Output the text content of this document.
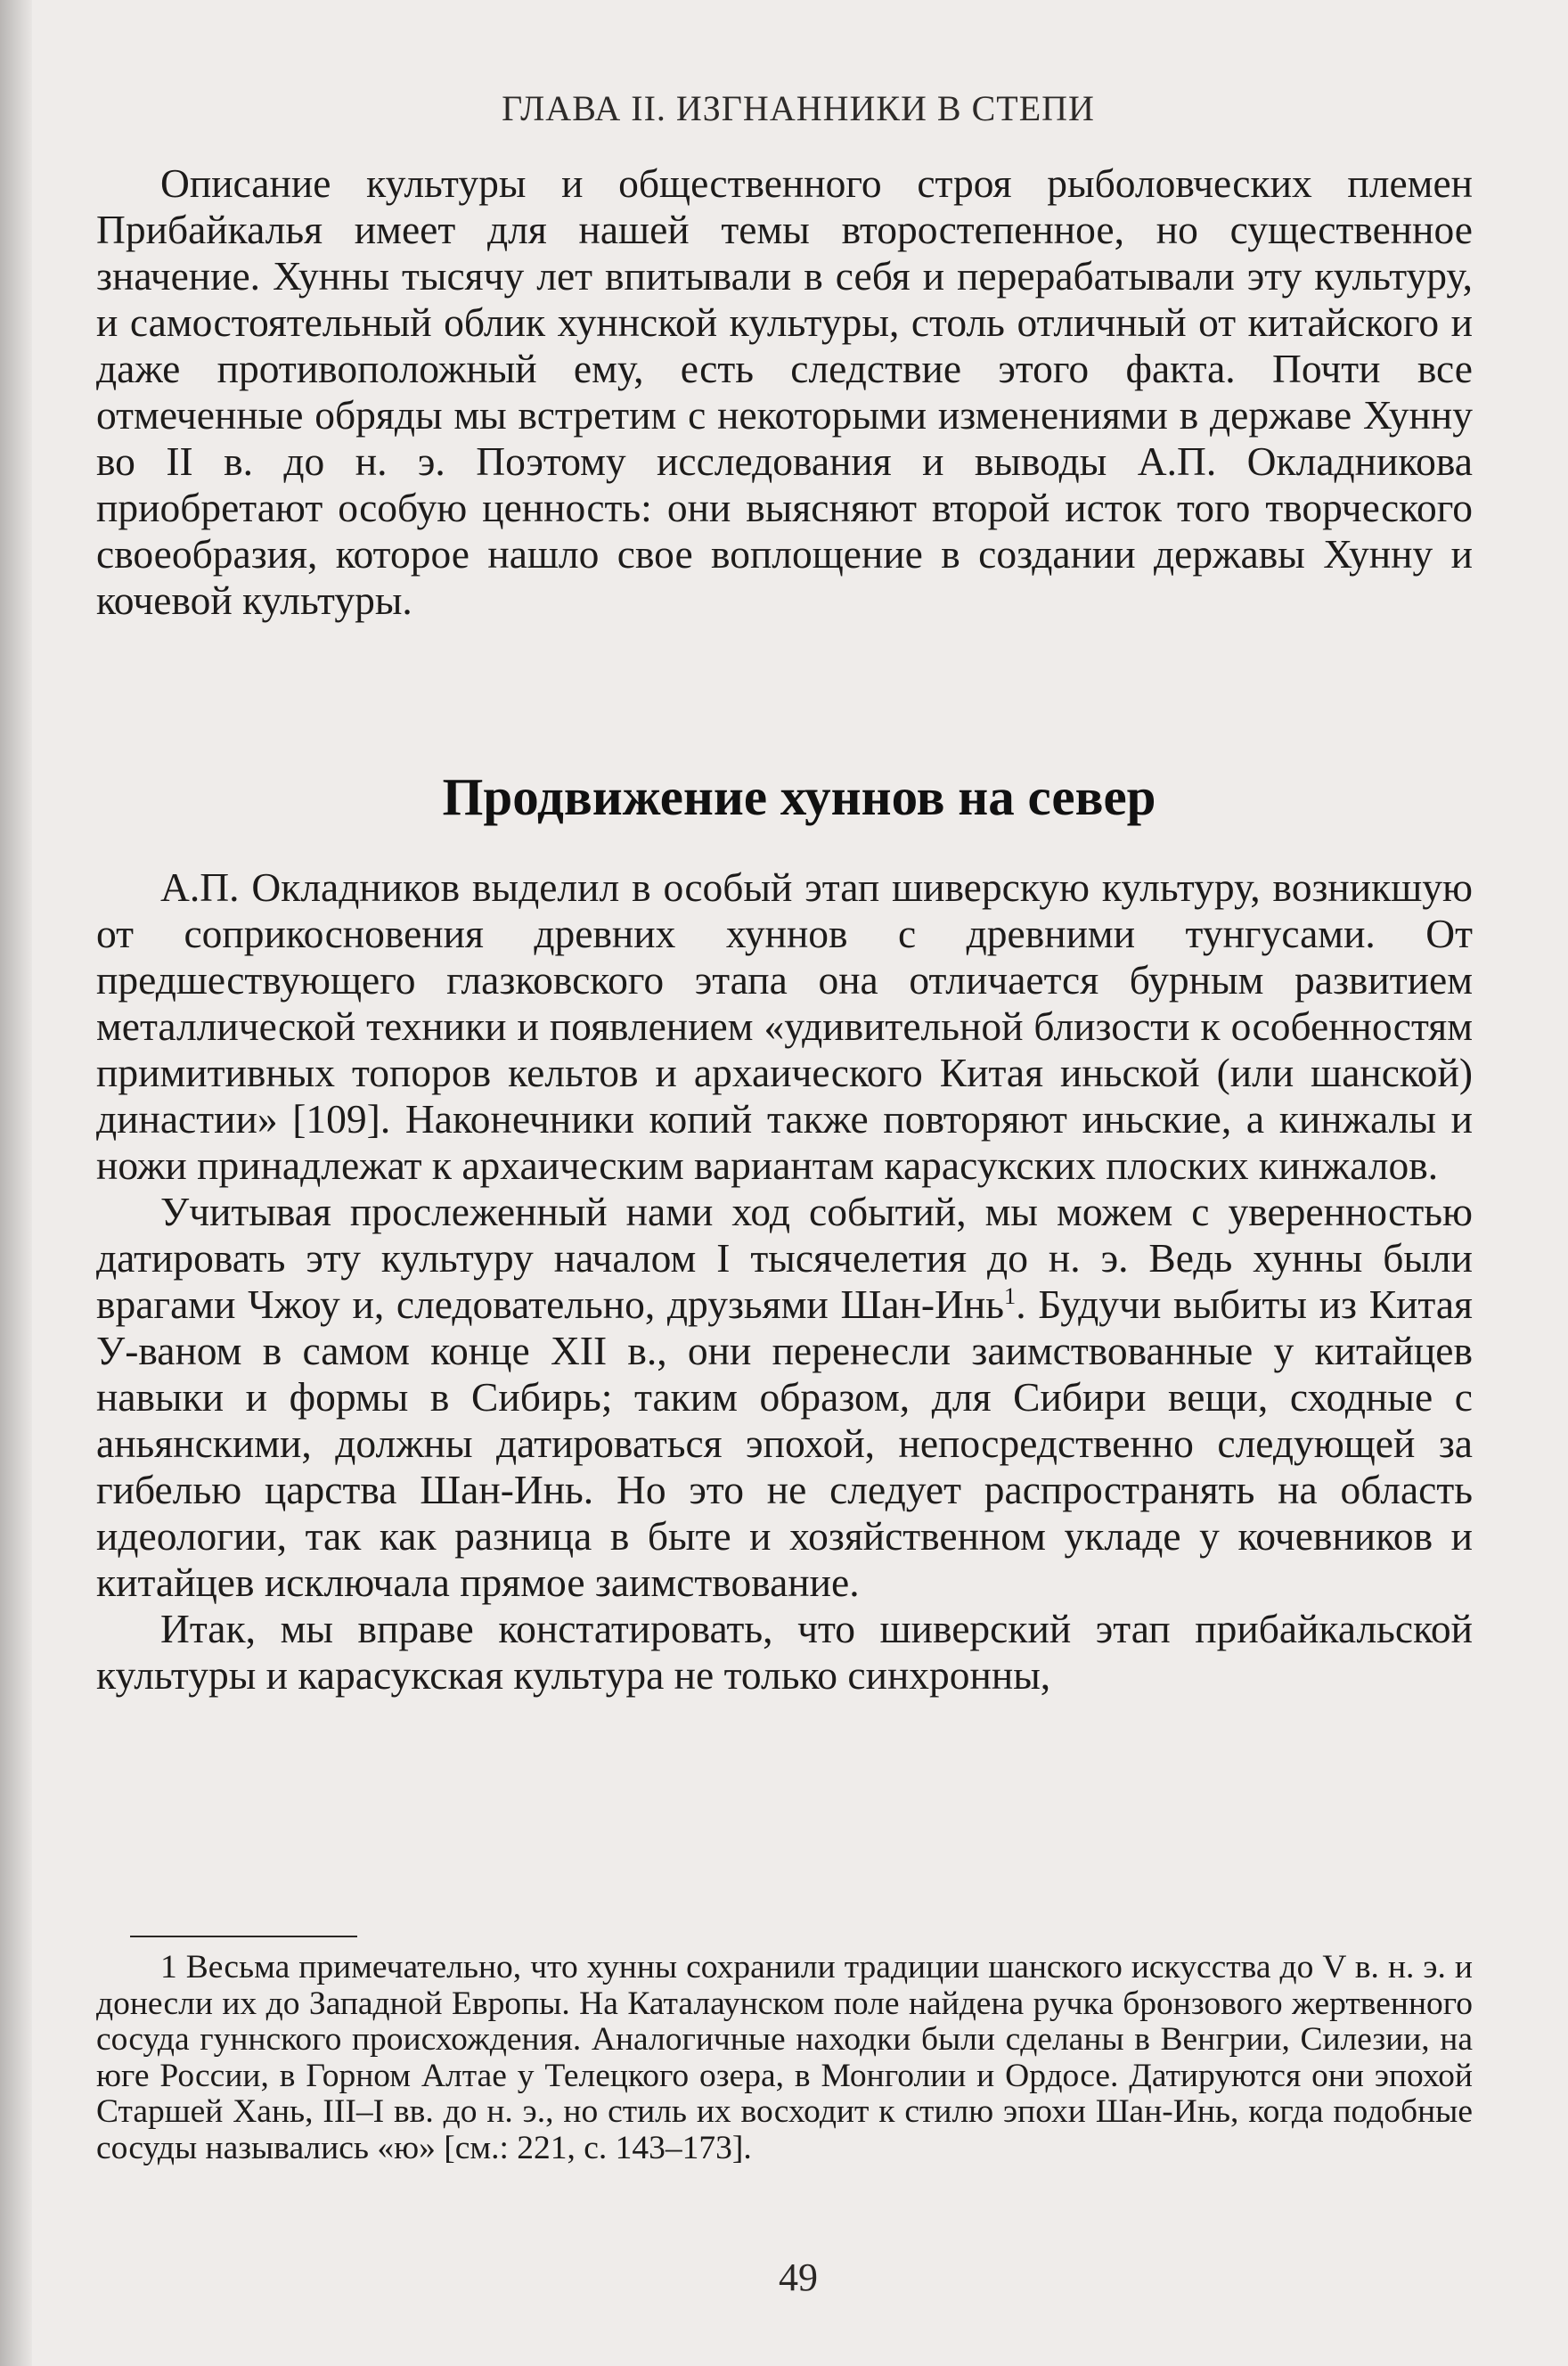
ГЛАВА II. ИЗГНАННИКИ В СТЕПИ

Описание культуры и общественного строя рыболовческих племен Прибайкалья имеет для нашей темы второстепенное, но существенное значение. Хунны тысячу лет впитывали в себя и перерабатывали эту культуру, и самостоятельный облик хуннской культуры, столь отличный от китайского и даже противоположный ему, есть следствие этого факта. Почти все отмеченные обряды мы встретим с некоторыми изменениями в державе Хунну во II в. до н. э. Поэтому исследования и выводы А.П. Окладникова приобретают особую ценность: они выясняют второй исток того творческого своеобразия, которое нашло свое воплощение в создании державы Хунну и кочевой культуры.

Продвижение хуннов на север

А.П. Окладников выделил в особый этап шиверскую культуру, возникшую от соприкосновения древних хуннов с древними тунгусами. От предшествующего глазковского этапа она отличается бурным развитием металлической техники и появлением «удивительной близости к особенностям примитивных топоров кельтов и архаического Китая иньской (или шанской) династии» [109]. Наконечники копий также повторяют иньские, а кинжалы и ножи принадлежат к архаическим вариантам карасукских плоских кинжалов.

Учитывая прослеженный нами ход событий, мы можем с уверенностью датировать эту культуру началом I тысячелетия до н. э. Ведь хунны были врагами Чжоу и, следовательно, друзьями Шан-Инь$^1$. Будучи выбиты из Китая У-ваном в самом конце XII в., они перенесли заимствованные у китайцев навыки и формы в Сибирь; таким образом, для Сибири вещи, сходные с аньянскими, должны датироваться эпохой, непосредственно следующей за гибелью царства Шан-Инь. Но это не следует распространять на область идеологии, так как разница в быте и хозяйственном укладе у кочевников и китайцев исключала прямое заимствование.

Итак, мы вправе констатировать, что шиверский этап прибайкальской культуры и карасукская культура не только синхронны,

1 Весьма примечательно, что хунны сохранили традиции шанского искусства до V в. н. э. и донесли их до Западной Европы. На Каталаунском поле найдена ручка бронзового жертвенного сосуда гуннского происхождения. Аналогичные находки были сделаны в Венгрии, Силезии, на юге России, в Горном Алтае у Телецкого озера, в Монголии и Ордосе. Датируются они эпохой Старшей Хань, III–I вв. до н. э., но стиль их восходит к стилю эпохи Шан-Инь, когда подобные сосуды назывались «ю» [см.: 221, с. 143–173].

49
